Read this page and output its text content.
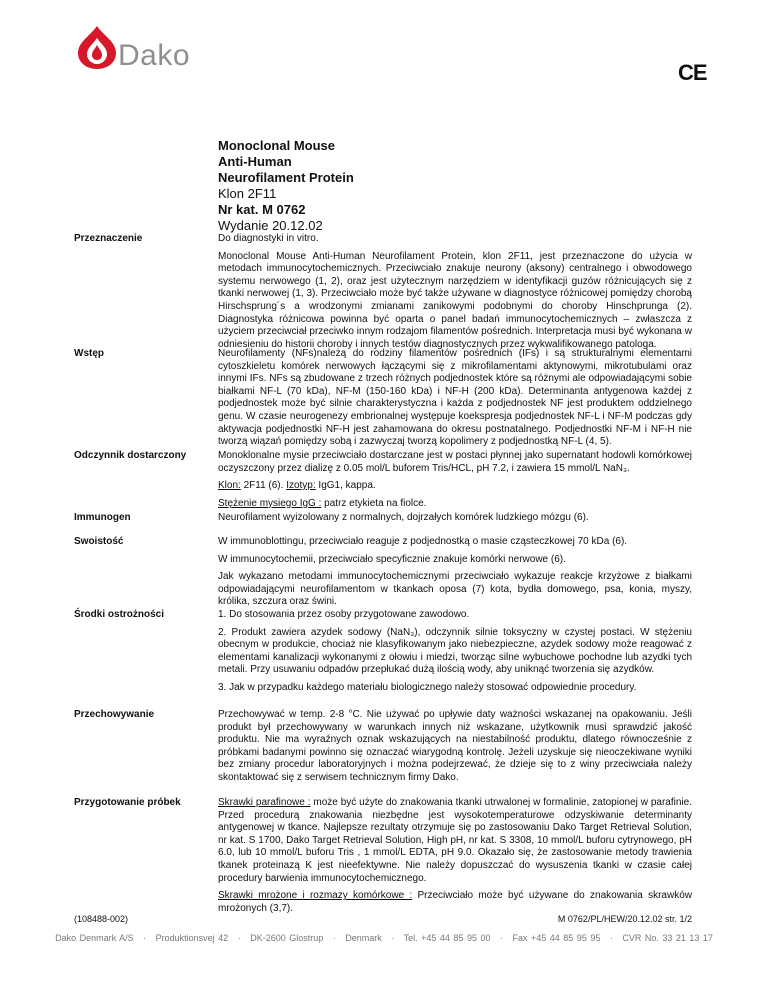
Dako
CE
Monoclonal Mouse
Anti-Human
Neurofilament Protein
Klon 2F11
Nr kat. M 0762
Wydanie 20.12.02
Przeznaczenie	Do diagnostyki in vitro.

Monoclonal Mouse Anti-Human Neurofilament Protein, klon 2F11, jest przeznaczone do użycia w metodach immunocytochemicznych. Przeciwciało znakuje neurony (aksony) centralnego i obwodowego systemu nerwowego (1, 2), oraz jest użytecznym narzędziem w identyfikacji guzów różnicujących się z tkanki nerwowej (1, 3). Przeciwciało może być także używane w diagnostyce różnicowej pomiędzy chorobą Hirschsprung´s a wrodzonymi zmianami zanikowymi podobnymi do choroby Hinschprunga (2). Diagnostyka różnicowa powinna być oparta o panel badań immunocytochemicznych – zwłaszcza z użyciem przeciwciał przeciwko innym rodzajom filamentów pośrednich. Interpretacja musi być wykonana w odniesieniu do historii choroby i innych testów diagnostycznych przez wykwalifikowanego patologa.

Wstęp	Neurofilamenty (NFs)należą do rodziny filamentów pośrednich (IFs) i są strukturalnymi elementami cytoszkieletu komórek nerwowych łączącymi się z mikrofilamentami aktynowymi, mikrotubulami oraz innymi IFs. NFs są zbudowane z trzech różnych podjednostek które są różnymi ale odpowiadającymi sobie białkami NF-L (70 kDa), NF-M (150-160 kDa) i NF-H (200 kDa). Determinanta antygenowa każdej z podjednostek może być silnie charakterystyczna i każda z podjednostek NF jest produktem oddzielnego genu. W czasie neurogenezy embrionalnej występuje koekspresja podjednostek NF-L i NF-M podczas gdy aktywacja podjednostki NF-H jest zahamowana do okresu postnatalnego. Podjednostki NF-M i NF-H nie tworzą wiązań pomiędzy sobą i zazwyczaj tworzą kopolimery z podjednostką NF-L (4, 5).

Odczynnik dostarczony	Monoklonalne mysie przeciwciało dostarczane jest w postaci płynnej jako supernatant hodowli komórkowej oczyszczony przez dializę z 0.05 mol/L buforem Tris/HCL, pH 7.2, i zawiera 15 mmol/L NaN₃.

Klon: 2F11 (6). Izotyp: IgG1, kappa.

Stężenie mysiego IgG : patrz etykieta na fiolce.

Immunogen	Neurofilament wyizolowany z normalnych, dojrzałych komórek ludzkiego mózgu (6).

Swoistość	W immunoblottingu, przeciwciało reaguje z podjednostką o masie cząsteczkowej 70 kDa (6).

W immunocytochemii, przeciwciało specyficznie znakuje komórki nerwowe (6).

Jak wykazano metodami immunocytochemicznymi przeciwciało wykazuje reakcje krzyżowe z białkami odpowiadającymi neurofilamentom w tkankach oposa (7) kota, bydła domowego, psa, konia, myszy, królika, szczura oraz świni.

Środki ostrożności	1. Do stosowania przez osoby przygotowane zawodowo.

2. Produkt zawiera azydek sodowy (NaN₃), odczynnik silnie toksyczny w czystej postaci. W stężeniu obecnym w produkcie, chociaż nie klasyfikowanym jako niebezpieczne, azydek sodowy może reagować z elementami kanalizacji wykonanymi z ołowiu i miedzi, tworząc silne wybuchowe pochodne lub azydki tych metali. Przy usuwaniu odpadów przepłukać dużą ilością wody, aby uniknąć tworzenia się azydków.

3. Jak w przypadku każdego materiału biologicznego należy stosować odpowiednie procedury.

Przechowywanie	Przechowywać w temp. 2-8 °C. Nie używać po upływie daty ważności wskazanej na opakowaniu. Jeśli produkt był przechowywany w warunkach innych niż wskazane, użytkownik musi sprawdzić jakość produktu. Nie ma wyraźnych oznak wskazujących na niestabilność produktu, dlatego równocześnie z próbkami badanymi powinno się oznaczać wiarygodną kontrolę. Jeżeli uzyskuje się nieoczekiwane wyniki bez zmiany procedur laboratoryjnych i można podejrzewać, że dzieje się to z winy przeciwciała należy skontaktować się z serwisem technicznym firmy Dako.

Przygotowanie próbek	Skrawki parafinowe : może być użyte do znakowania tkanki utrwalonej w formalinie, zatopionej w parafinie. Przed procedurą znakowania niezbędne jest wysokotemperaturowe odzyskiwanie determinanty antygenowej w tkance. Najlepsze rezultaty otrzymuje się po zastosowaniu Dako Target Retrieval Solution, nr kat. S 1700, Dako Target Retrieval Solution, High pH, nr kat. S 3308, 10 mmol/L buforu cytrynowego, pH 6.0, lub 10 mmol/L buforu Tris , 1 mmol/L EDTA, pH 9.0. Okazało się, że zastosowanie metody trawienia tkanek proteinazą K jest nieefektywne. Nie należy dopuszczać do wysuszenia tkanki w czasie całej procedury barwienia immunocytochemicznego.

Skrawki mrożone i rozmazy komórkowe : Przeciwciało może być używane do znakowania skrawków mrożonych (3,7).

(108488-002)	M 0762/PL/HEW/20.12.02 str. 1/2
Dako Denmark A/S · Produktionsvej 42 · DK-2600 Glostrup · Denmark · Tel. +45 44 85 95 00 · Fax +45 44 85 95 95 · CVR No. 33 21 13 17
